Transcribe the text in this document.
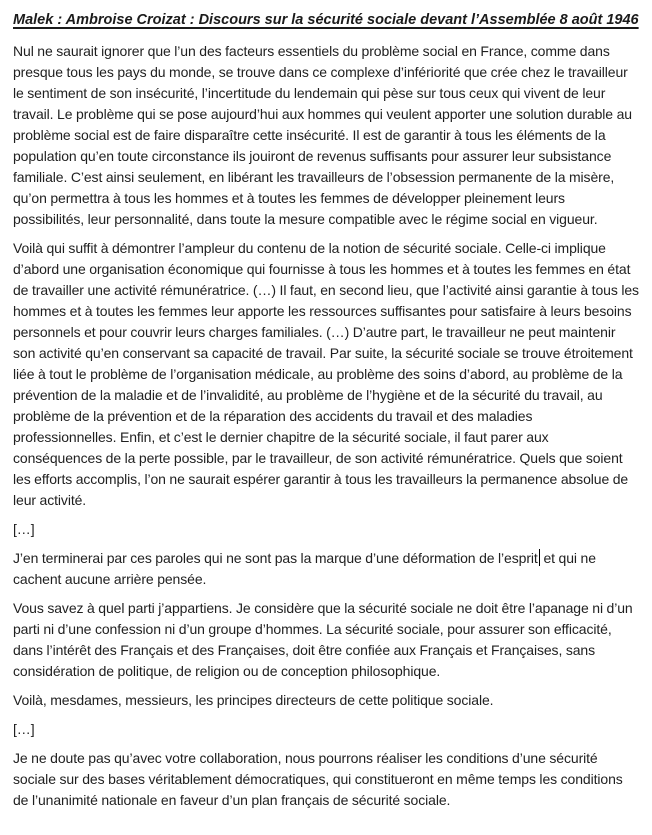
Malek : Ambroise Croizat : Discours sur la sécurité sociale devant l’Assemblée 8 août 1946

Nul ne saurait ignorer que l’un des facteurs essentiels du problème social en France, comme dans presque tous les pays du monde, se trouve dans ce complexe d’infériorité que crée chez le travailleur le sentiment de son insécurité, l’incertitude du lendemain qui pèse sur tous ceux qui vivent de leur travail. Le problème qui se pose aujourd’hui aux hommes qui veulent apporter une solution durable au problème social est de faire disparaître cette insécurité. Il est de garantir à tous les éléments de la population qu’en toute circonstance ils jouiront de revenus suffisants pour assurer leur subsistance familiale. C’est ainsi seulement, en libérant les travailleurs de l’obsession permanente de la misère, qu’on permettra à tous les hommes et à toutes les femmes de développer pleinement leurs possibilités, leur personnalité, dans toute la mesure compatible avec le régime social en vigueur.

Voilà qui suffit à démontrer l’ampleur du contenu de la notion de sécurité sociale. Celle-ci implique d’abord une organisation économique qui fournisse à tous les hommes et à toutes les femmes en état de travailler une activité rémunératrice. (…) Il faut, en second lieu, que l’activité ainsi garantie à tous les hommes et à toutes les femmes leur apporte les ressources suffisantes pour satisfaire à leurs besoins personnels et pour couvrir leurs charges familiales. (…) D’autre part, le travailleur ne peut maintenir son activité qu’en conservant sa capacité de travail. Par suite, la sécurité sociale se trouve étroitement liée à tout le problème de l’organisation médicale, au problème des soins d’abord, au problème de la prévention de la maladie et de l’invalidité, au problème de l’hygiène et de la sécurité du travail, au problème de la prévention et de la réparation des accidents du travail et des maladies professionnelles. Enfin, et c’est le dernier chapitre de la sécurité sociale, il faut parer aux conséquences de la perte possible, par le travailleur, de son activité rémunératrice. Quels que soient les efforts accomplis, l’on ne saurait espérer garantir à tous les travailleurs la permanence absolue de leur activité.

[…]

J’en terminerai par ces paroles qui ne sont pas la marque d’une déformation de l’esprit et qui ne cachent aucune arrière pensée.

Vous savez à quel parti j’appartiens. Je considère que la sécurité sociale ne doit être l’apanage ni d’un parti ni d’une confession ni d’un groupe d’hommes. La sécurité sociale, pour assurer son efficacité, dans l’intérêt des Français et des Françaises, doit être confiée aux Français et Françaises, sans considération de politique, de religion ou de conception philosophique.

Voilà, mesdames, messieurs, les principes directeurs de cette politique sociale.

[…]

Je ne doute pas qu’avec votre collaboration, nous pourrons réaliser les conditions d’une sécurité sociale sur des bases véritablement démocratiques, qui constitueront en même temps les conditions de l’unanimité nationale en faveur d’un plan français de sécurité sociale.
